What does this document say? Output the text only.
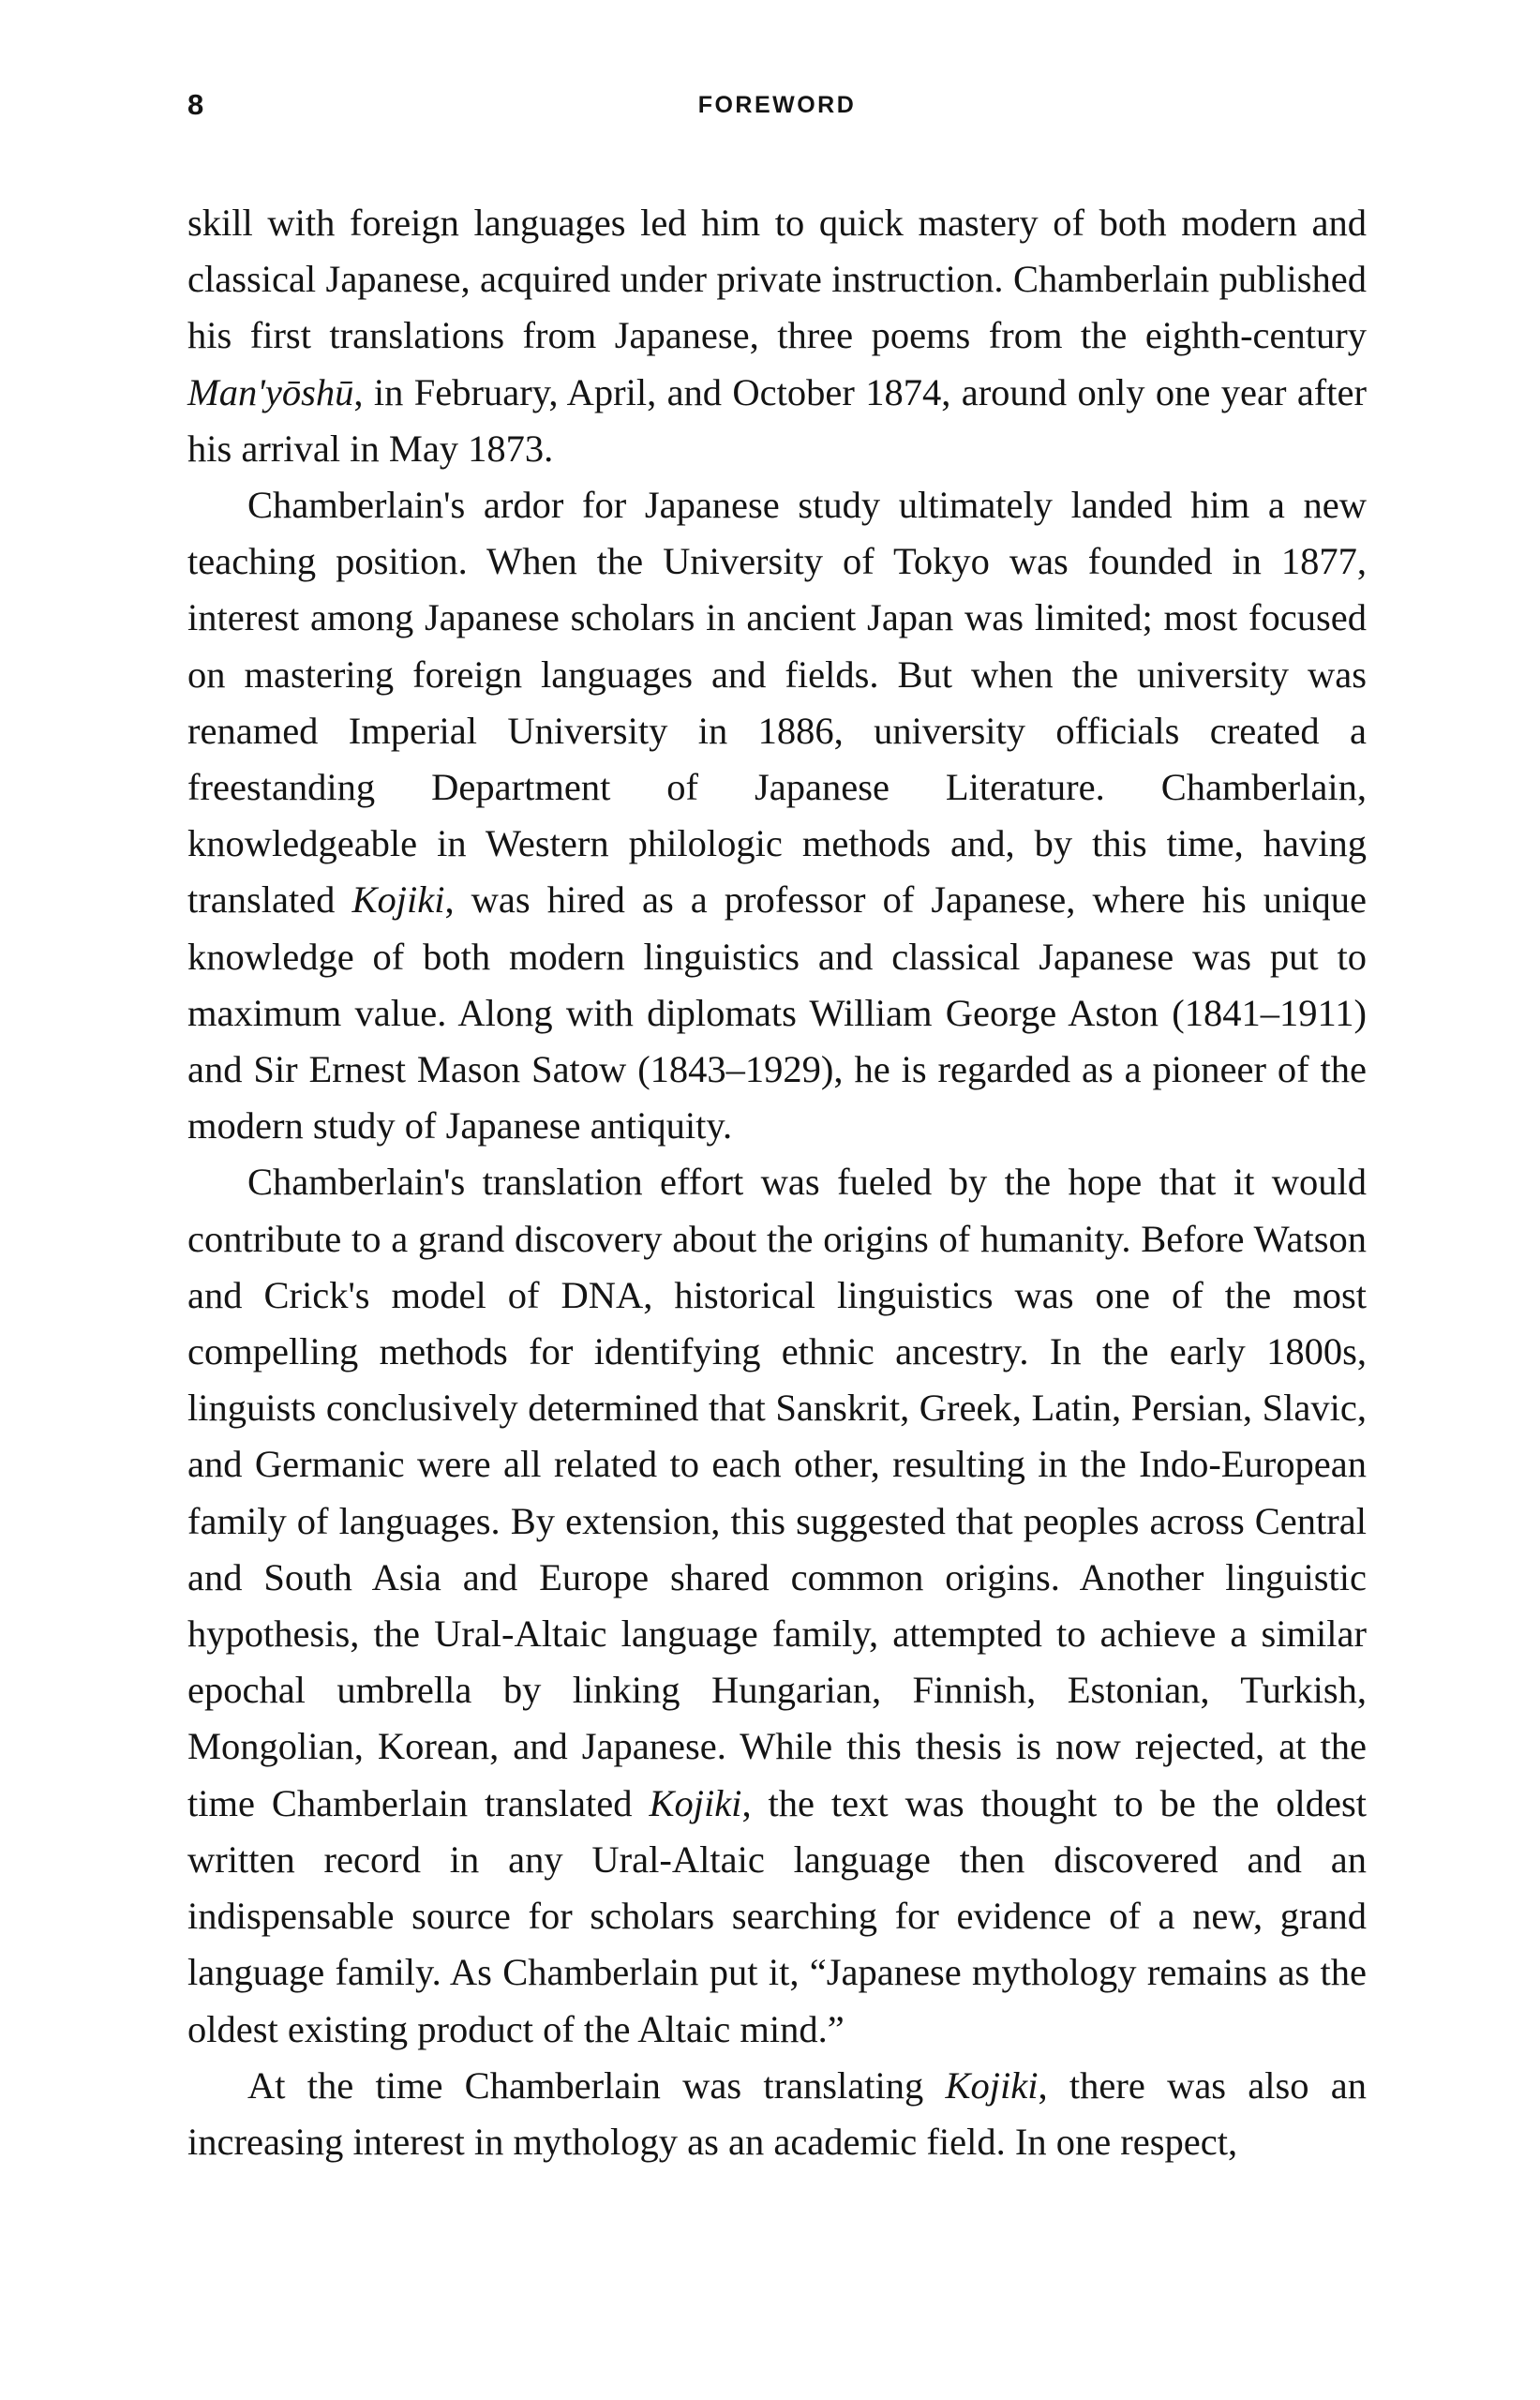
8	FOREWORD

skill with foreign languages led him to quick mastery of both modern and classical Japanese, acquired under private instruction. Chamberlain published his first translations from Japanese, three poems from the eighth-century Man'yōshū, in February, April, and October 1874, around only one year after his arrival in May 1873.

Chamberlain's ardor for Japanese study ultimately landed him a new teaching position. When the University of Tokyo was founded in 1877, interest among Japanese scholars in ancient Japan was limited; most focused on mastering foreign languages and fields. But when the university was renamed Imperial University in 1886, university officials created a freestanding Department of Japanese Literature. Chamberlain, knowledgeable in Western philologic methods and, by this time, having translated Kojiki, was hired as a professor of Japanese, where his unique knowledge of both modern linguistics and classical Japanese was put to maximum value. Along with diplomats William George Aston (1841–1911) and Sir Ernest Mason Satow (1843–1929), he is regarded as a pioneer of the modern study of Japanese antiquity.

Chamberlain's translation effort was fueled by the hope that it would contribute to a grand discovery about the origins of humanity. Before Watson and Crick's model of DNA, historical linguistics was one of the most compelling methods for identifying ethnic ancestry. In the early 1800s, linguists conclusively determined that Sanskrit, Greek, Latin, Persian, Slavic, and Germanic were all related to each other, resulting in the Indo-European family of languages. By extension, this suggested that peoples across Central and South Asia and Europe shared common origins. Another linguistic hypothesis, the Ural-Altaic language family, attempted to achieve a similar epochal umbrella by linking Hungarian, Finnish, Estonian, Turkish, Mongolian, Korean, and Japanese. While this thesis is now rejected, at the time Chamberlain translated Kojiki, the text was thought to be the oldest written record in any Ural-Altaic language then discovered and an indispensable source for scholars searching for evidence of a new, grand language family. As Chamberlain put it, “Japanese mythology remains as the oldest existing product of the Altaic mind.”

At the time Chamberlain was translating Kojiki, there was also an increasing interest in mythology as an academic field. In one respect,
